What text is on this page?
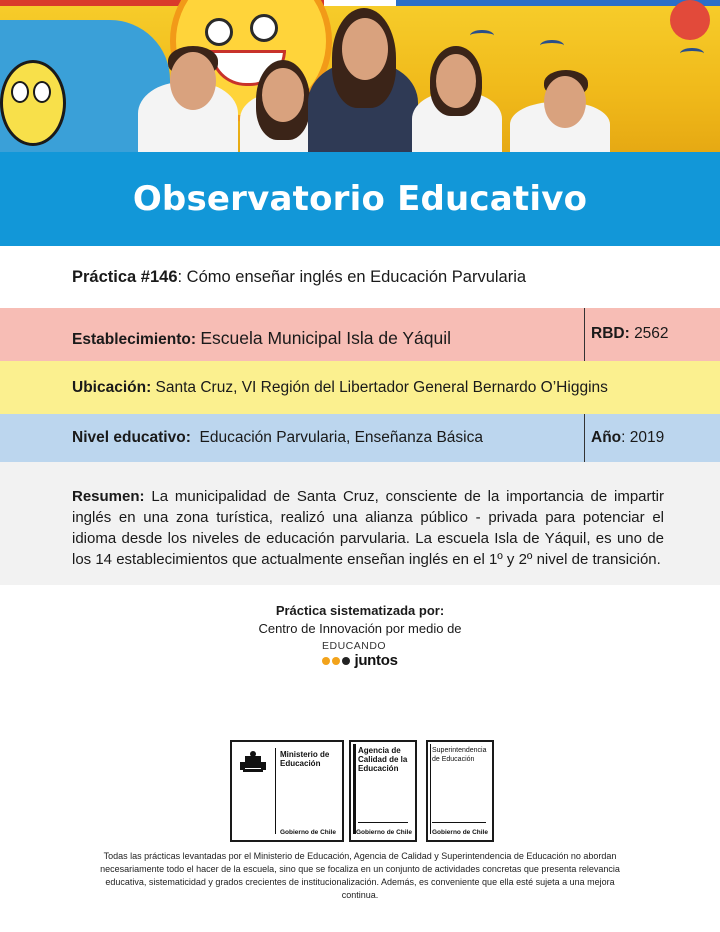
Observatorio Educativo
Práctica #146: Cómo enseñar inglés en Educación Parvularia
Establecimiento: Escuela Municipal Isla de Yáquil	RBD: 2562
Ubicación: Santa Cruz, VI Región del Libertador General Bernardo O’Higgins
Nivel educativo: Educación Parvularia, Enseñanza Básica	Año: 2019

Resumen: La municipalidad de Santa Cruz, consciente de la importancia de impartir inglés en una zona turística, realizó una alianza público - privada para potenciar el idioma desde los niveles de educación parvularia. La escuela Isla de Yáquil, es uno de los 14 establecimientos que actualmente enseñan inglés en el 1º y 2º nivel de transición.

Práctica sistematizada por:
Centro de Innovación por medio de
EDUCANDO
juntos
Ministerio de Educación
Gobierno de Chile
Agencia de Calidad de la Educación
Gobierno de Chile
Superintendencia de Educación
Gobierno de Chile
Todas las prácticas levantadas por el Ministerio de Educación, Agencia de Calidad y Superintendencia de Educación no abordan necesariamente todo el hacer de la escuela, sino que se focaliza en un conjunto de actividades concretas que presenta relevancia educativa, sistematicidad y grados crecientes de institucionalización. Además, es conveniente que ella esté sujeta a una mejora continua.
